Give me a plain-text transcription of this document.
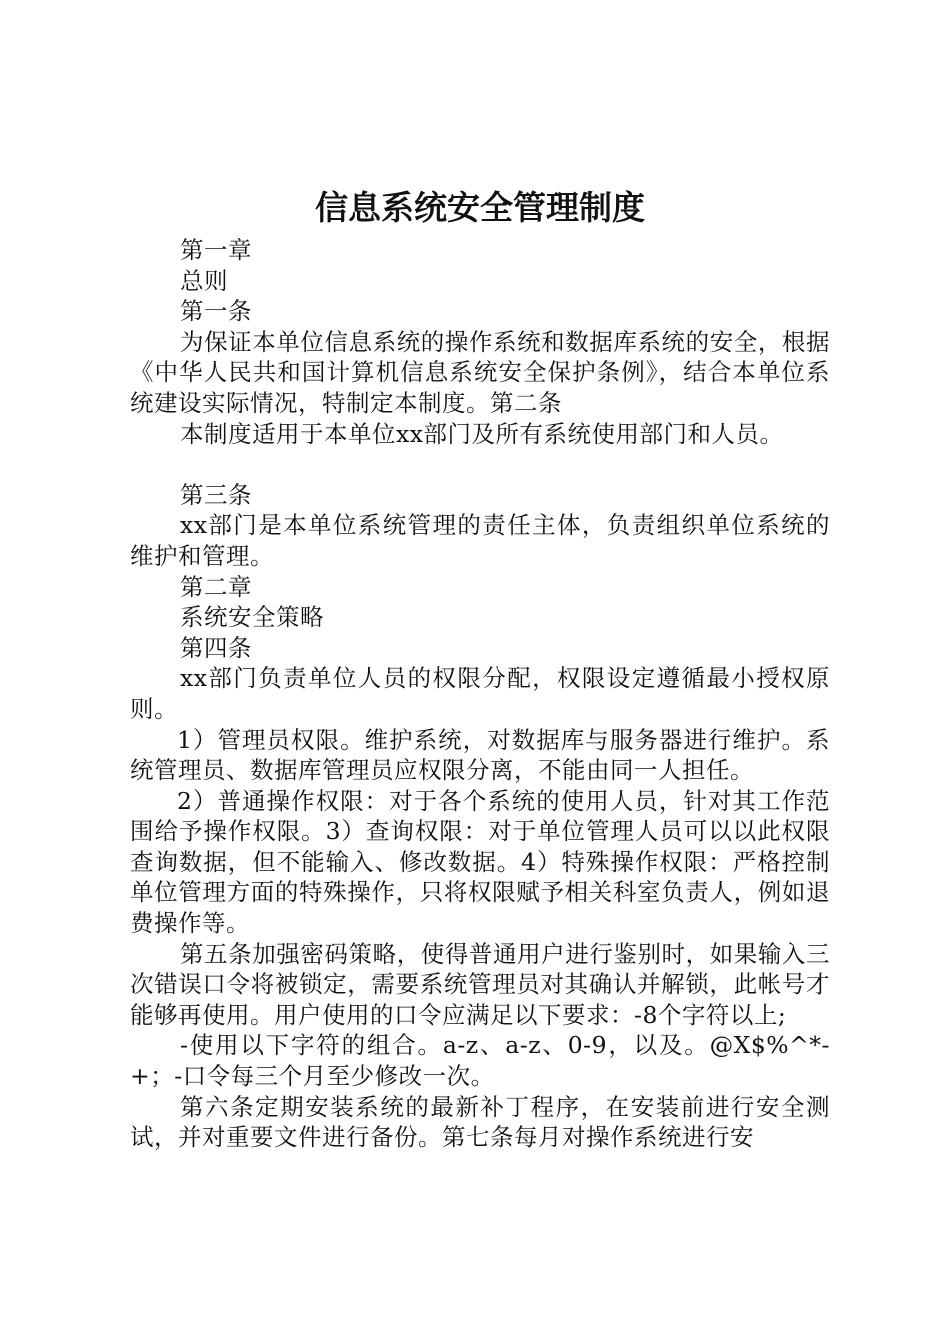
信息系统安全管理制度

第一章

总则

第一条

为保证本单位信息系统的操作系统和数据库系统的安全，根据《中华人民共和国计算机信息系统安全保护条例》，结合本单位系统建设实际情况，特制定本制度。第二条

本制度适用于本单位xx部门及所有系统使用部门和人员。

第三条

xx部门是本单位系统管理的责任主体，负责组织单位系统的维护和管理。

第二章

系统安全策略

第四条

xx部门负责单位人员的权限分配，权限设定遵循最小授权原则。

1）管理员权限。维护系统，对数据库与服务器进行维护。系统管理员、数据库管理员应权限分离，不能由同一人担任。

2）普通操作权限：对于各个系统的使用人员，针对其工作范围给予操作权限。3）查询权限：对于单位管理人员可以以此权限查询数据，但不能输入、修改数据。4）特殊操作权限：严格控制单位管理方面的特殊操作，只将权限赋予相关科室负责人，例如退费操作等。

第五条加强密码策略，使得普通用户进行鉴别时，如果输入三次错误口令将被锁定，需要系统管理员对其确认并解锁，此帐号才能够再使用。用户使用的口令应满足以下要求：-8个字符以上;

-使用以下字符的组合。a-z、a-z、0-9，以及。@X$%^*-+；-口令每三个月至少修改一次。

第六条定期安装系统的最新补丁程序，在安装前进行安全测试，并对重要文件进行备份。第七条每月对操作系统进行安
